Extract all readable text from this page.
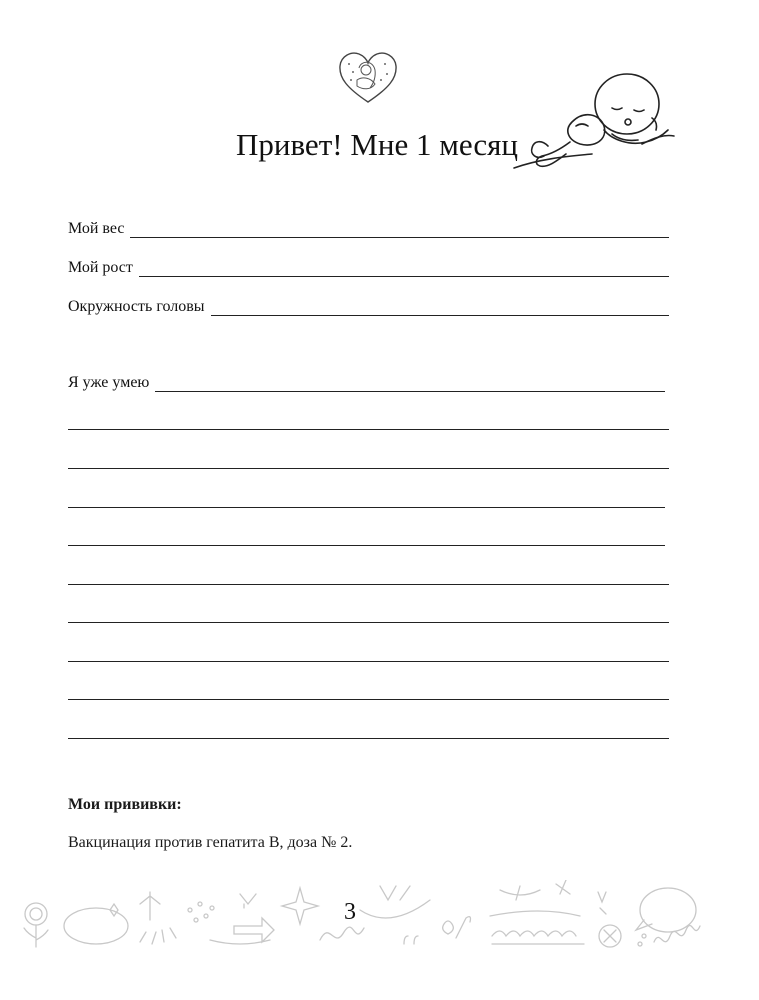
Привет! Мне 1 месяц
Мой вес
Мой рост
Окружность головы
Я уже умею
Мои прививки:
Вакцинация против гепатита В, доза № 2.
3
